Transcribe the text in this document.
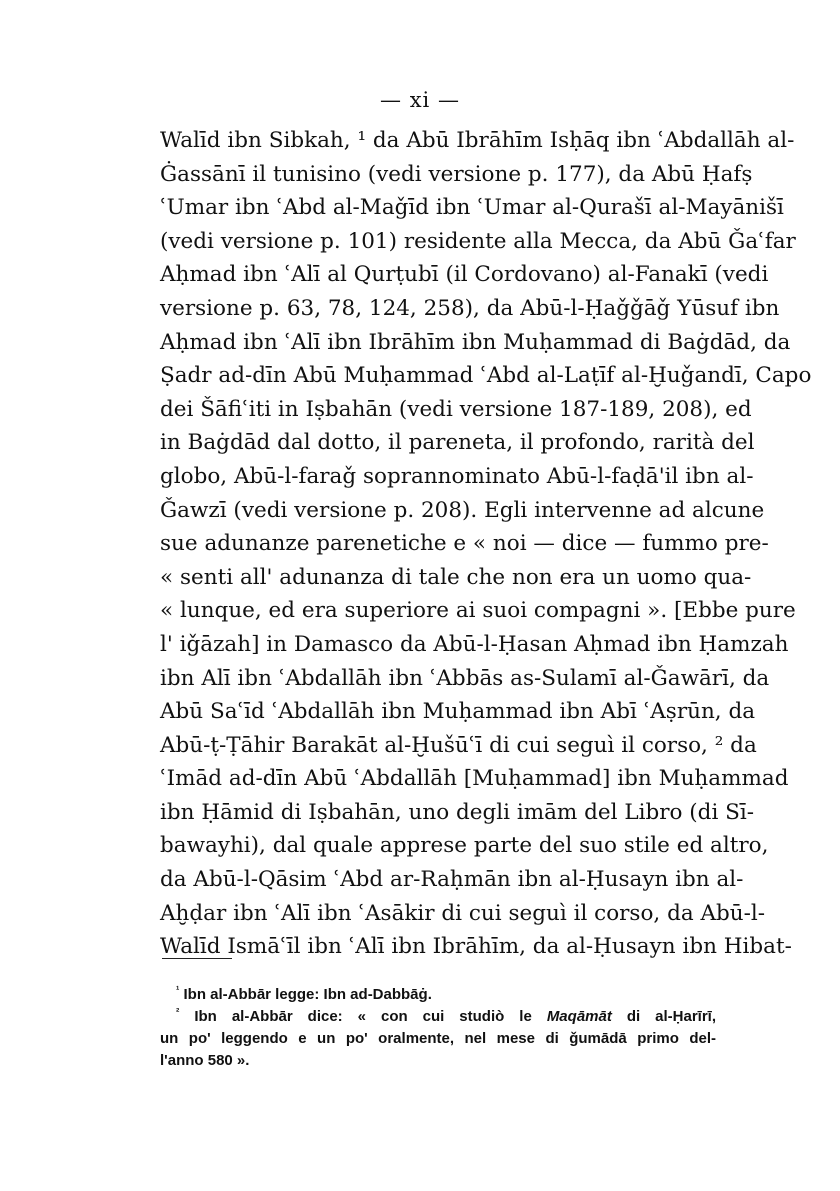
— xi —
Walīd ibn Sibkah, ¹ da Abū Ibrāhīm Isḥāq ibn ʿAbdallāh al-
Ġassānī il tunisino (vedi versione p. 177), da Abū Ḥafṣ
ʿUmar ibn ʿAbd al-Maǧīd ibn ʿUmar al-Qurašī al-Mayānišī
(vedi versione p. 101) residente alla Mecca, da Abū Ǧaʿfar
Aḥmad ibn ʿAlī al Qurṭubī (il Cordovano) al-Fanakī (vedi
versione p. 63, 78, 124, 258), da Abū-l-Ḥaǧǧāǧ Yūsuf ibn
Aḥmad ibn ʿAlī ibn Ibrāhīm ibn Muḥammad di Baġdād, da
Ṣadr ad-dīn Abū Muḥammad ʿAbd al-Laṭīf al-Ḫuǧandī, Capo
dei Šāfiʿiti in Iṣbahān (vedi versione 187-189, 208), ed
in Baġdād dal dotto, il pareneta, il profondo, rarità del
globo, Abū-l-faraǧ soprannominato Abū-l-faḍā'il ibn al-
Ǧawzī (vedi versione p. 208). Egli intervenne ad alcune
sue adunanze parenetiche e « noi — dice — fummo pre-
« senti all' adunanza di tale che non era un uomo qua-
« lunque, ed era superiore ai suoi compagni ». [Ebbe pure
l' iǧāzah] in Damasco da Abū-l-Ḥasan Aḥmad ibn Ḥamzah
ibn Alī ibn ʿAbdallāh ibn ʿAbbās as-Sulamī al-Ǧawārī, da
Abū Saʿīd ʿAbdallāh ibn Muḥammad ibn Abī ʿAṣrūn, da
Abū-ṭ-Ṭāhir Barakāt al-Ḫušūʿī di cui seguì il corso, ² da
ʿImād ad-dīn Abū ʿAbdallāh [Muḥammad] ibn Muḥammad
ibn Ḥāmid di Iṣbahān, uno degli imām del Libro (di Sī-
bawayhi), dal quale apprese parte del suo stile ed altro,
da Abū-l-Qāsim ʿAbd ar-Raḥmān ibn al-Ḥusayn ibn al-
Aḫḍar ibn ʿAlī ibn ʿAsākir di cui seguì il corso, da Abū-l-
Walīd Ismāʿīl ibn ʿAlī ibn Ibrāhīm, da al-Ḥusayn ibn Hibat-
$^{^1}$ Ibn al-Abbār legge: Ibn ad-Dabbāġ.
$^{^2}$ Ibn al-Abbār dice: « con cui studiò le Maqāmāt di al-Ḥarīrī,
un po' leggendo e un po' oralmente, nel mese di ǧumādā primo del-
l'anno 580 ».
